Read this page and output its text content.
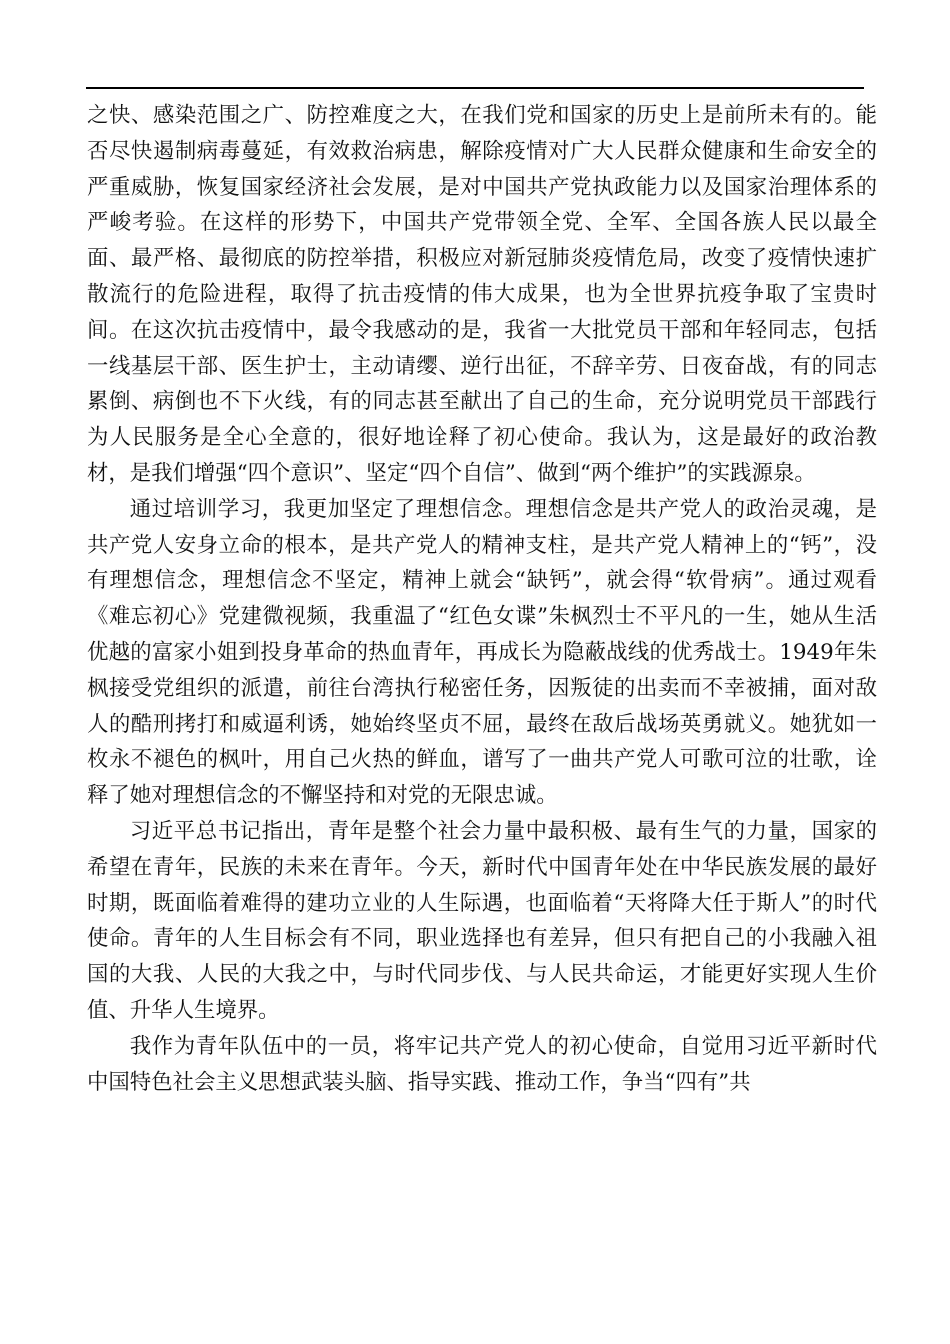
之快、感染范围之广、防控难度之大，在我们党和国家的历史上是前所未有的。能否尽快遏制病毒蔓延，有效救治病患，解除疫情对广大人民群众健康和生命安全的严重威胁，恢复国家经济社会发展，是对中国共产党执政能力以及国家治理体系的严峻考验。在这样的形势下，中国共产党带领全党、全军、全国各族人民以最全面、最严格、最彻底的防控举措，积极应对新冠肺炎疫情危局，改变了疫情快速扩散流行的危险进程，取得了抗击疫情的伟大成果，也为全世界抗疫争取了宝贵时间。在这次抗击疫情中，最令我感动的是，我省一大批党员干部和年轻同志，包括一线基层干部、医生护士，主动请缨、逆行出征，不辞辛劳、日夜奋战，有的同志累倒、病倒也不下火线，有的同志甚至献出了自己的生命，充分说明党员干部践行为人民服务是全心全意的，很好地诠释了初心使命。我认为，这是最好的政治教材，是我们增强“四个意识”、坚定“四个自信”、做到“两个维护”的实践源泉。

通过培训学习，我更加坚定了理想信念。理想信念是共产党人的政治灵魂，是共产党人安身立命的根本，是共产党人的精神支柱，是共产党人精神上的“钙”，没有理想信念，理想信念不坚定，精神上就会“缺钙”，就会得“软骨病”。通过观看《难忘初心》党建微视频，我重温了“红色女谍”朱枫烈士不平凡的一生，她从生活优越的富家小姐到投身革命的热血青年，再成长为隐蔽战线的优秀战士。1949年朱枫接受党组织的派遣，前往台湾执行秘密任务，因叛徒的出卖而不幸被捕，面对敌人的酷刑拷打和威逼利诱，她始终坚贞不屈，最终在敌后战场英勇就义。她犹如一枚永不褪色的枫叶，用自己火热的鲜血，谱写了一曲共产党人可歌可泣的壮歌，诠释了她对理想信念的不懈坚持和对党的无限忠诚。

习近平总书记指出，青年是整个社会力量中最积极、最有生气的力量，国家的希望在青年，民族的未来在青年。今天，新时代中国青年处在中华民族发展的最好时期，既面临着难得的建功立业的人生际遇，也面临着“天将降大任于斯人”的时代使命。青年的人生目标会有不同，职业选择也有差异，但只有把自己的小我融入祖国的大我、人民的大我之中，与时代同步伐、与人民共命运，才能更好实现人生价值、升华人生境界。

我作为青年队伍中的一员，将牢记共产党人的初心使命，自觉用习近平新时代中国特色社会主义思想武装头脑、指导实践、推动工作，争当“四有”共
